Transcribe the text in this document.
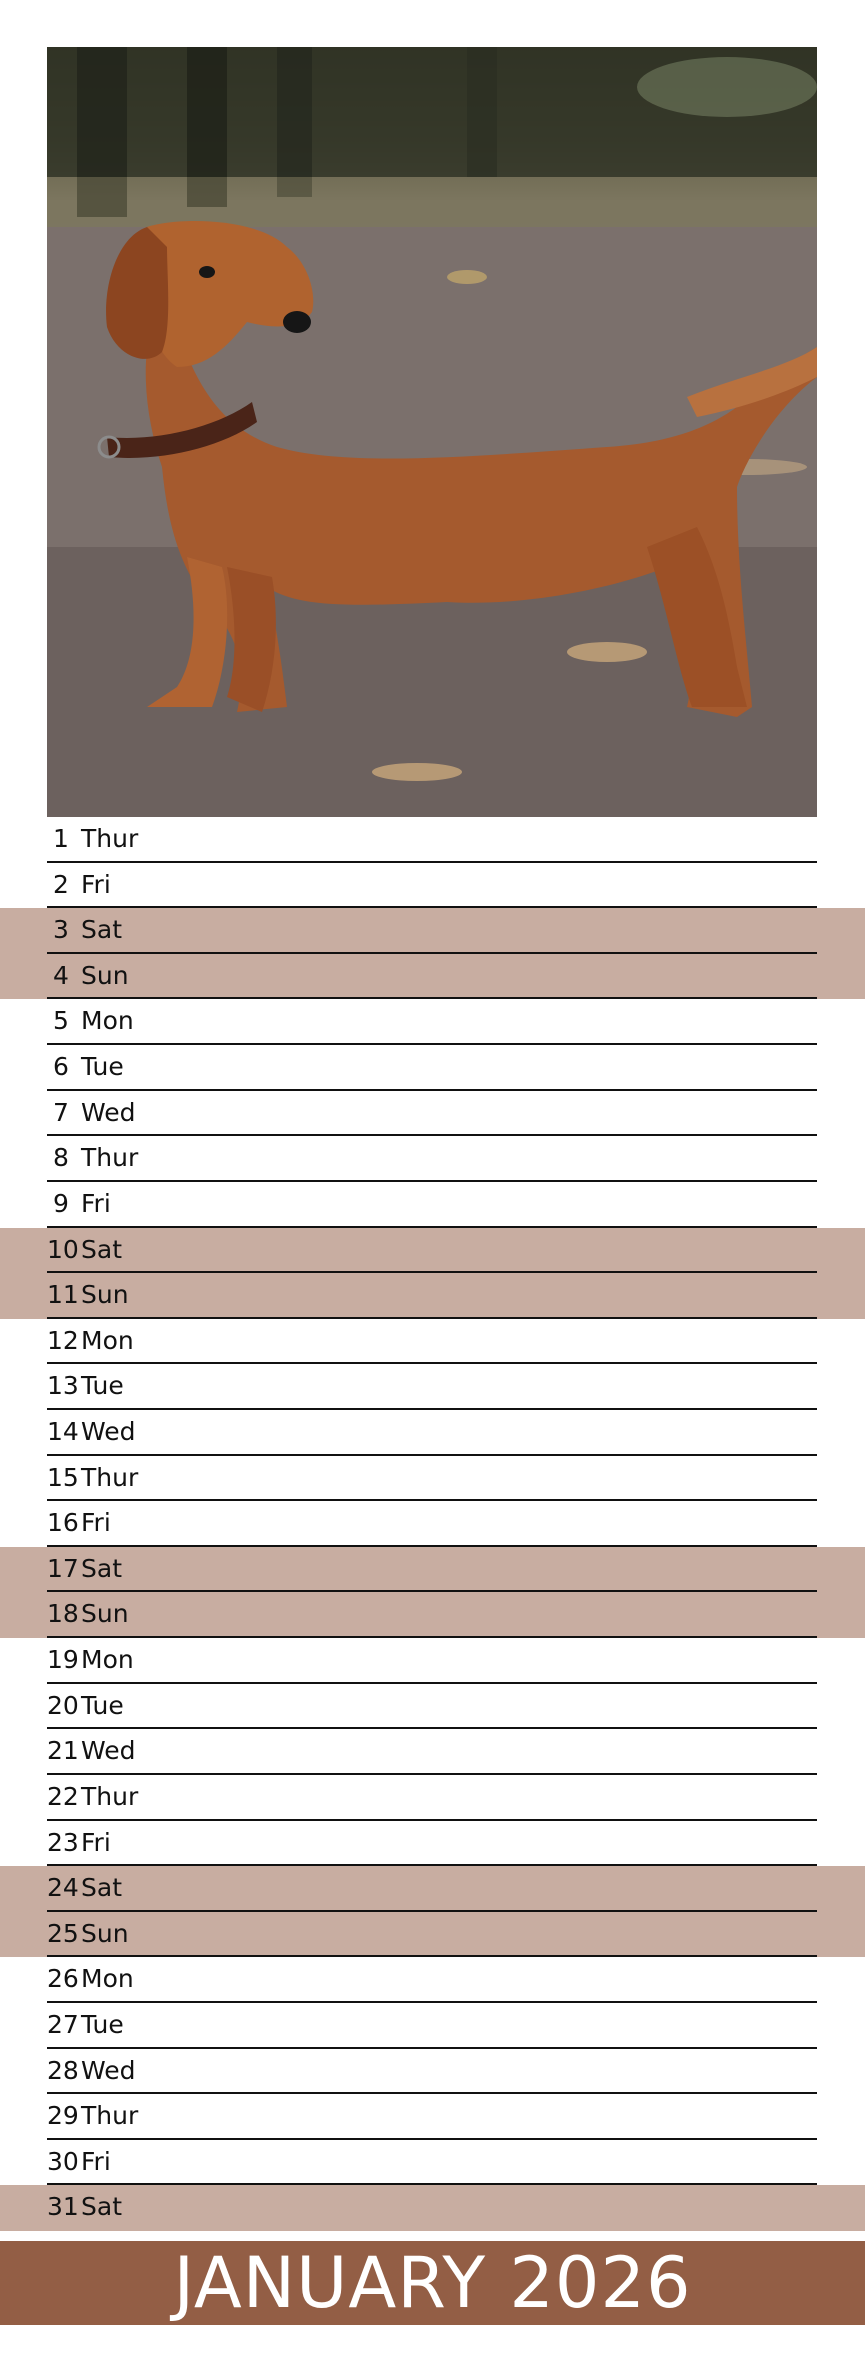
1 Thur
2 Fri
3 Sat
4 Sun
5 Mon
6 Tue
7 Wed
8 Thur
9 Fri
10Sat
11Sun
12Mon
13Tue
14Wed
15Thur
16Fri
17Sat
18Sun
19Mon
20Tue
21Wed
22Thur
23Fri
24Sat
25Sun
26Mon
27Tue
28Wed
29Thur
30Fri
31Sat
JANUARY 2026
